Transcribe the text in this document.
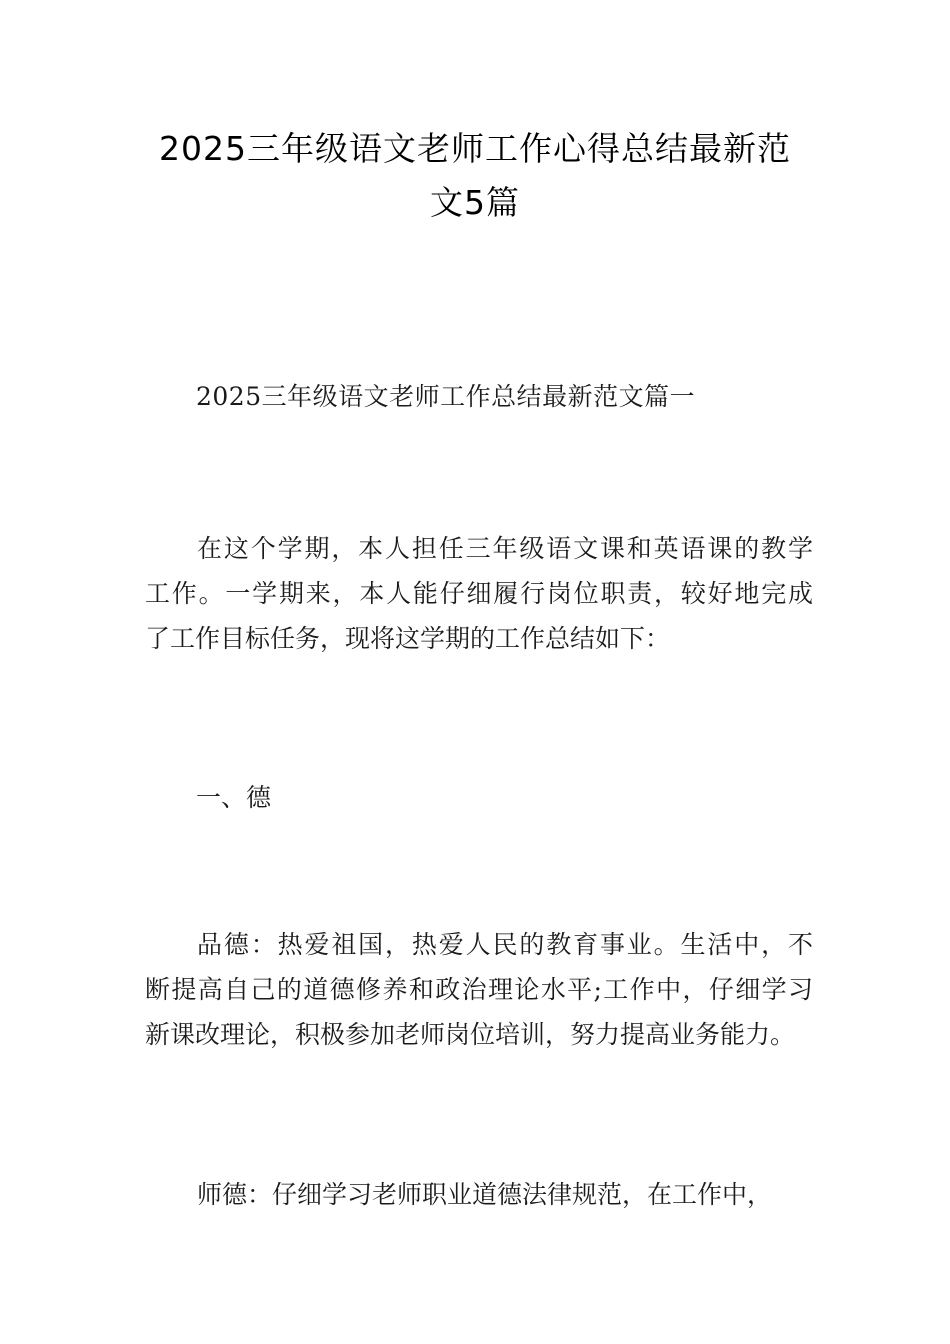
2025三年级语文老师工作心得总结最新范
文5篇
2025三年级语文老师工作总结最新范文篇一
在这个学期，本人担任三年级语文课和英语课的教学
工作。一学期来，本人能仔细履行岗位职责，较好地完成
了工作目标任务，现将这学期的工作总结如下：
一、德
品德：热爱祖国，热爱人民的教育事业。生活中，不
断提高自己的道德修养和政治理论水平;工作中，仔细学习
新课改理论，积极参加老师岗位培训，努力提高业务能力。
师德：仔细学习老师职业道德法律规范，在工作中，
